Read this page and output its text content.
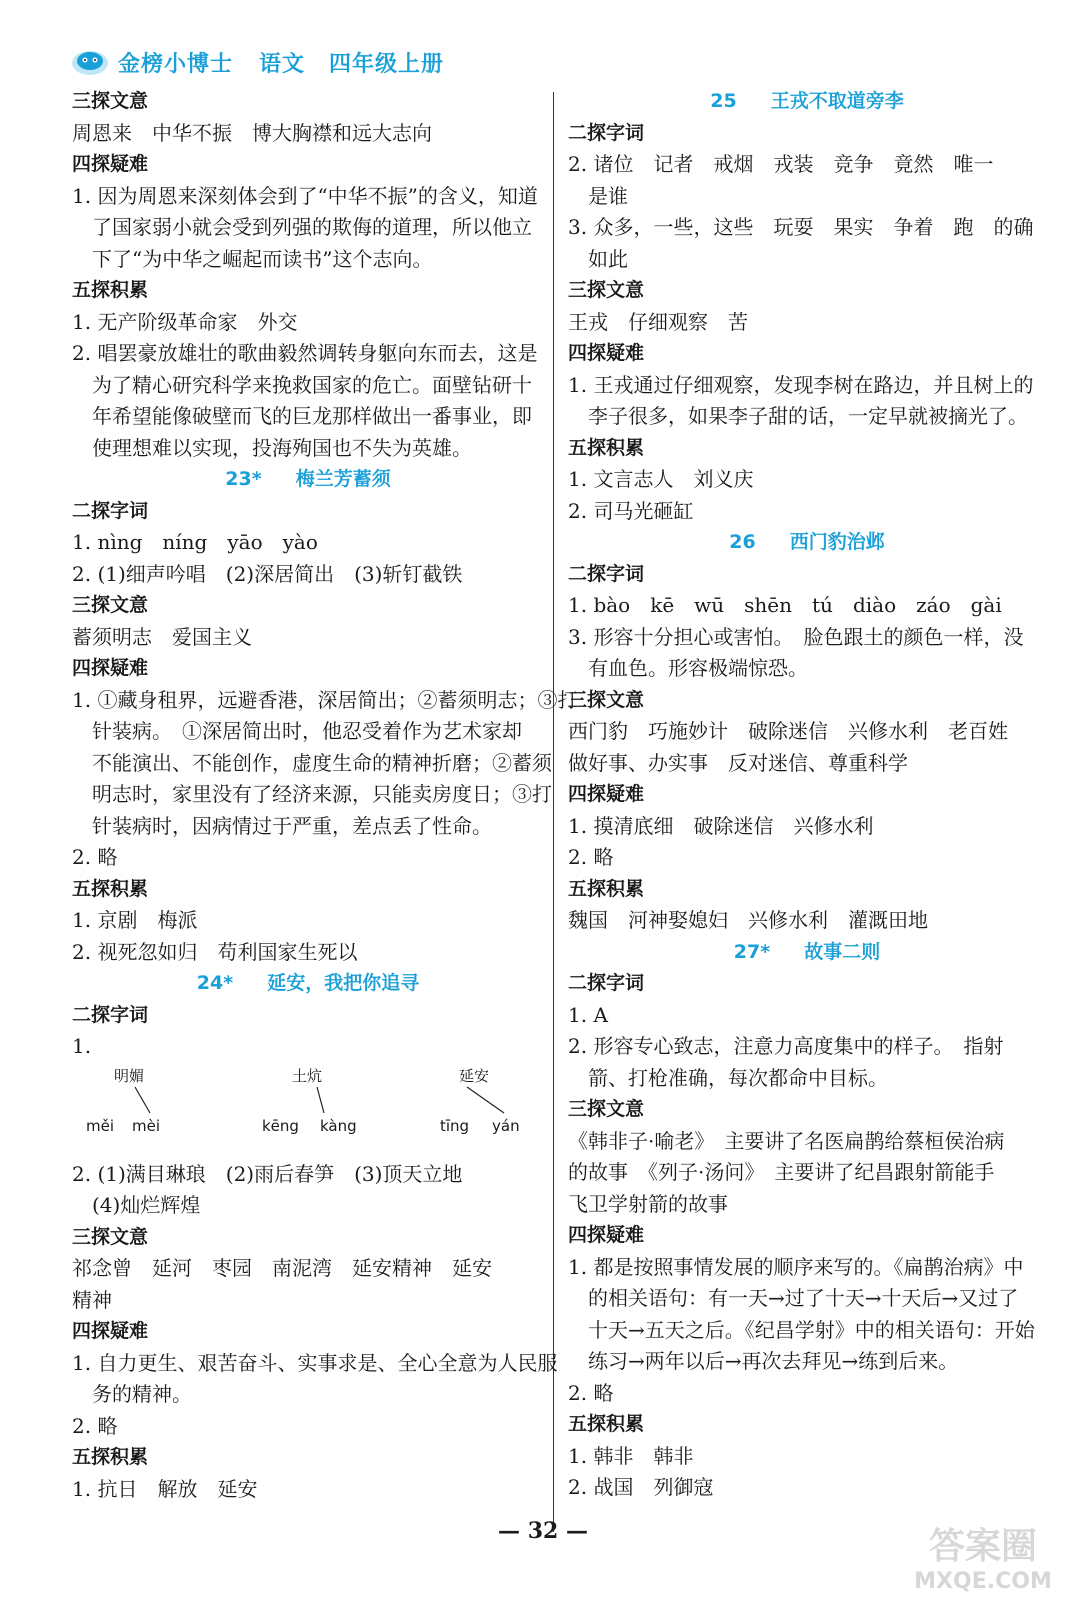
金榜小博士 语文 四年级上册
三探文意
周恩来　中华不振　博大胸襟和远大志向
四探疑难
1. 因为周恩来深刻体会到了“中华不振”的含义，知道
了国家弱小就会受到列强的欺侮的道理，所以他立
下了“为中华之崛起而读书”这个志向。
五探积累
1. 无产阶级革命家　外交
2. 唱罢豪放雄壮的歌曲毅然调转身躯向东而去，这是
为了精心研究科学来挽救国家的危亡。面壁钻研十
年希望能像破壁而飞的巨龙那样做出一番事业，即
使理想难以实现，投海殉国也不失为英雄。
23* 梅兰芳蓄须
二探字词
1. nìng　níng　yāo　yào
2. (1)细声吟唱　(2)深居简出　(3)斩钉截铁
三探文意
蓄须明志　爱国主义
四探疑难
1. ①藏身租界，远避香港，深居简出；②蓄须明志；③打
针装病。　①深居简出时，他忍受着作为艺术家却
不能演出、不能创作，虚度生命的精神折磨；②蓄须
明志时，家里没有了经济来源，只能卖房度日；③打
针装病时，因病情过于严重，差点丢了性命。
2. 略
五探积累
1. 京剧　梅派
2. 视死忽如归　苟利国家生死以
24* 延安，我把你追寻
二探字词
1.
明媚
měi mèi
土炕
kēng kàng
延安
tīng yán
2. (1)满目琳琅　(2)雨后春笋　(3)顶天立地
(4)灿烂辉煌
三探文意
祁念曾　延河　枣园　南泥湾　延安精神　延安
精神
四探疑难
1. 自力更生、艰苦奋斗、实事求是、全心全意为人民服
务的精神。
2. 略
五探积累
1. 抗日　解放　延安
25 王戎不取道旁李
二探字词
2. 诸位　记者　戒烟　戎装　竞争　竟然　唯一
是谁
3. 众多，一些，这些　玩耍　果实　争着　跑　的确
如此
三探文意
王戎　仔细观察　苦
四探疑难
1. 王戎通过仔细观察，发现李树在路边，并且树上的
李子很多，如果李子甜的话，一定早就被摘光了。
五探积累
1. 文言志人　刘义庆
2. 司马光砸缸
26 西门豹治邺
二探字词
1. bào　kē　wū　shēn　tú　diào　záo　gài
3. 形容十分担心或害怕。　脸色跟土的颜色一样，没
有血色。形容极端惊恐。
三探文意
西门豹　巧施妙计　破除迷信　兴修水利　老百姓
做好事、办实事　反对迷信、尊重科学
四探疑难
1. 摸清底细　破除迷信　兴修水利
2. 略
五探积累
魏国　河神娶媳妇　兴修水利　灌溉田地
27* 故事二则
二探字词
1. A
2. 形容专心致志，注意力高度集中的样子。　指射
箭、打枪准确，每次都命中目标。
三探文意
《韩非子·喻老》　主要讲了名医扁鹊给蔡桓侯治病
的故事　《列子·汤问》　主要讲了纪昌跟射箭能手
飞卫学射箭的故事
四探疑难
1. 都是按照事情发展的顺序来写的。《扁鹊治病》中
的相关语句：有一天→过了十天→十天后→又过了
十天→五天之后。《纪昌学射》中的相关语句：开始
练习→两年以后→再次去拜见→练到后来。
2. 略
五探积累
1. 韩非　韩非
2. 战国　列御寇
— 32 —	答案圈
MXQE.COM
